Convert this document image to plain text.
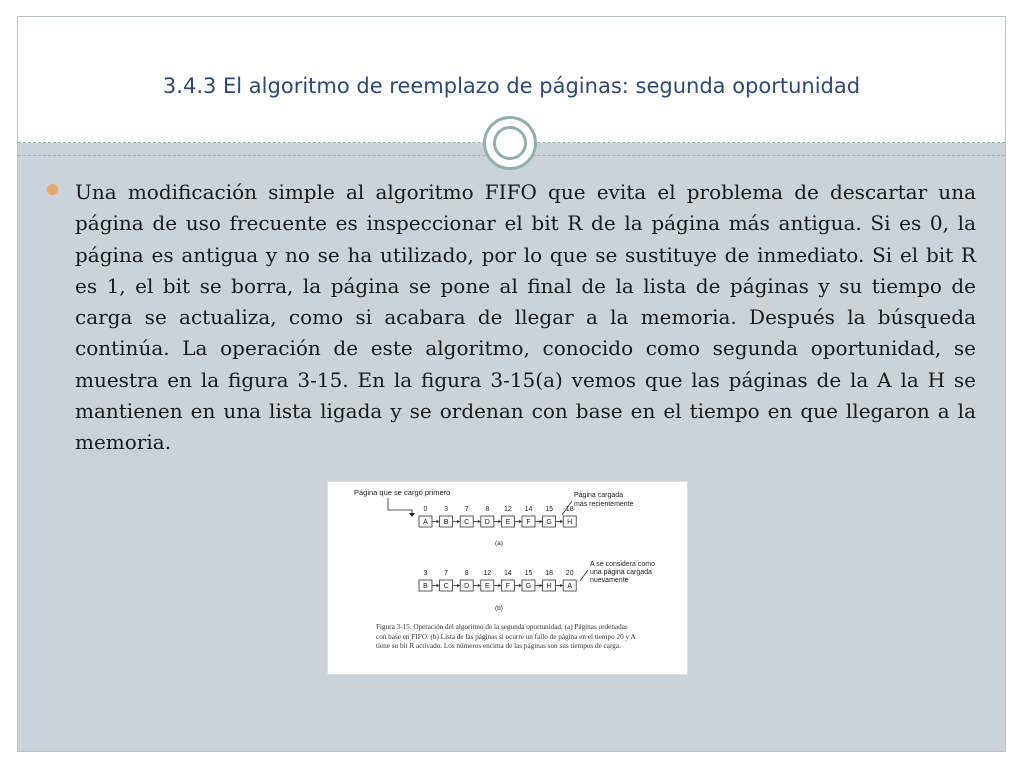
3.4.3 El algoritmo de reemplazo de páginas: segunda oportunidad

Una modificación simple al algoritmo FIFO que evita el problema de descartar una página de uso frecuente es inspeccionar el bit R de la página más antigua. Si es 0, la página es antigua y no se ha utilizado, por lo que se sustituye de inmediato. Si el bit R es 1, el bit se borra, la página se pone al final de la lista de páginas y su tiempo de carga se actualiza, como si acabara de llegar a la memoria. Después la búsqueda continúa. La operación de este algoritmo, conocido como segunda oportunidad, se muestra en la figura 3-15. En la figura 3-15(a) vemos que las páginas de la A la H se mantienen en una lista ligada y se ordenan con base en el tiempo en que llegaron a la memoria.

Página que se cargó primero
0
A
3
B
7
C
8
D
12
E
14
F
15
G
18
H
Página cargada
más recientemente
(a)
3
B
7
C
8
D
12
E
14
F
15
G
18
H
20
A
A se considera como
una página cargada
nuevamente
(b)

Figura 3-15. Operación del algoritmo de la segunda oportunidad. (a) Páginas ordenadas con base en FIFO. (b) Lista de las páginas si ocurre un fallo de página en el tiempo 20 y A tiene su bit R activado. Los números encima de las páginas son sus tiempos de carga.
